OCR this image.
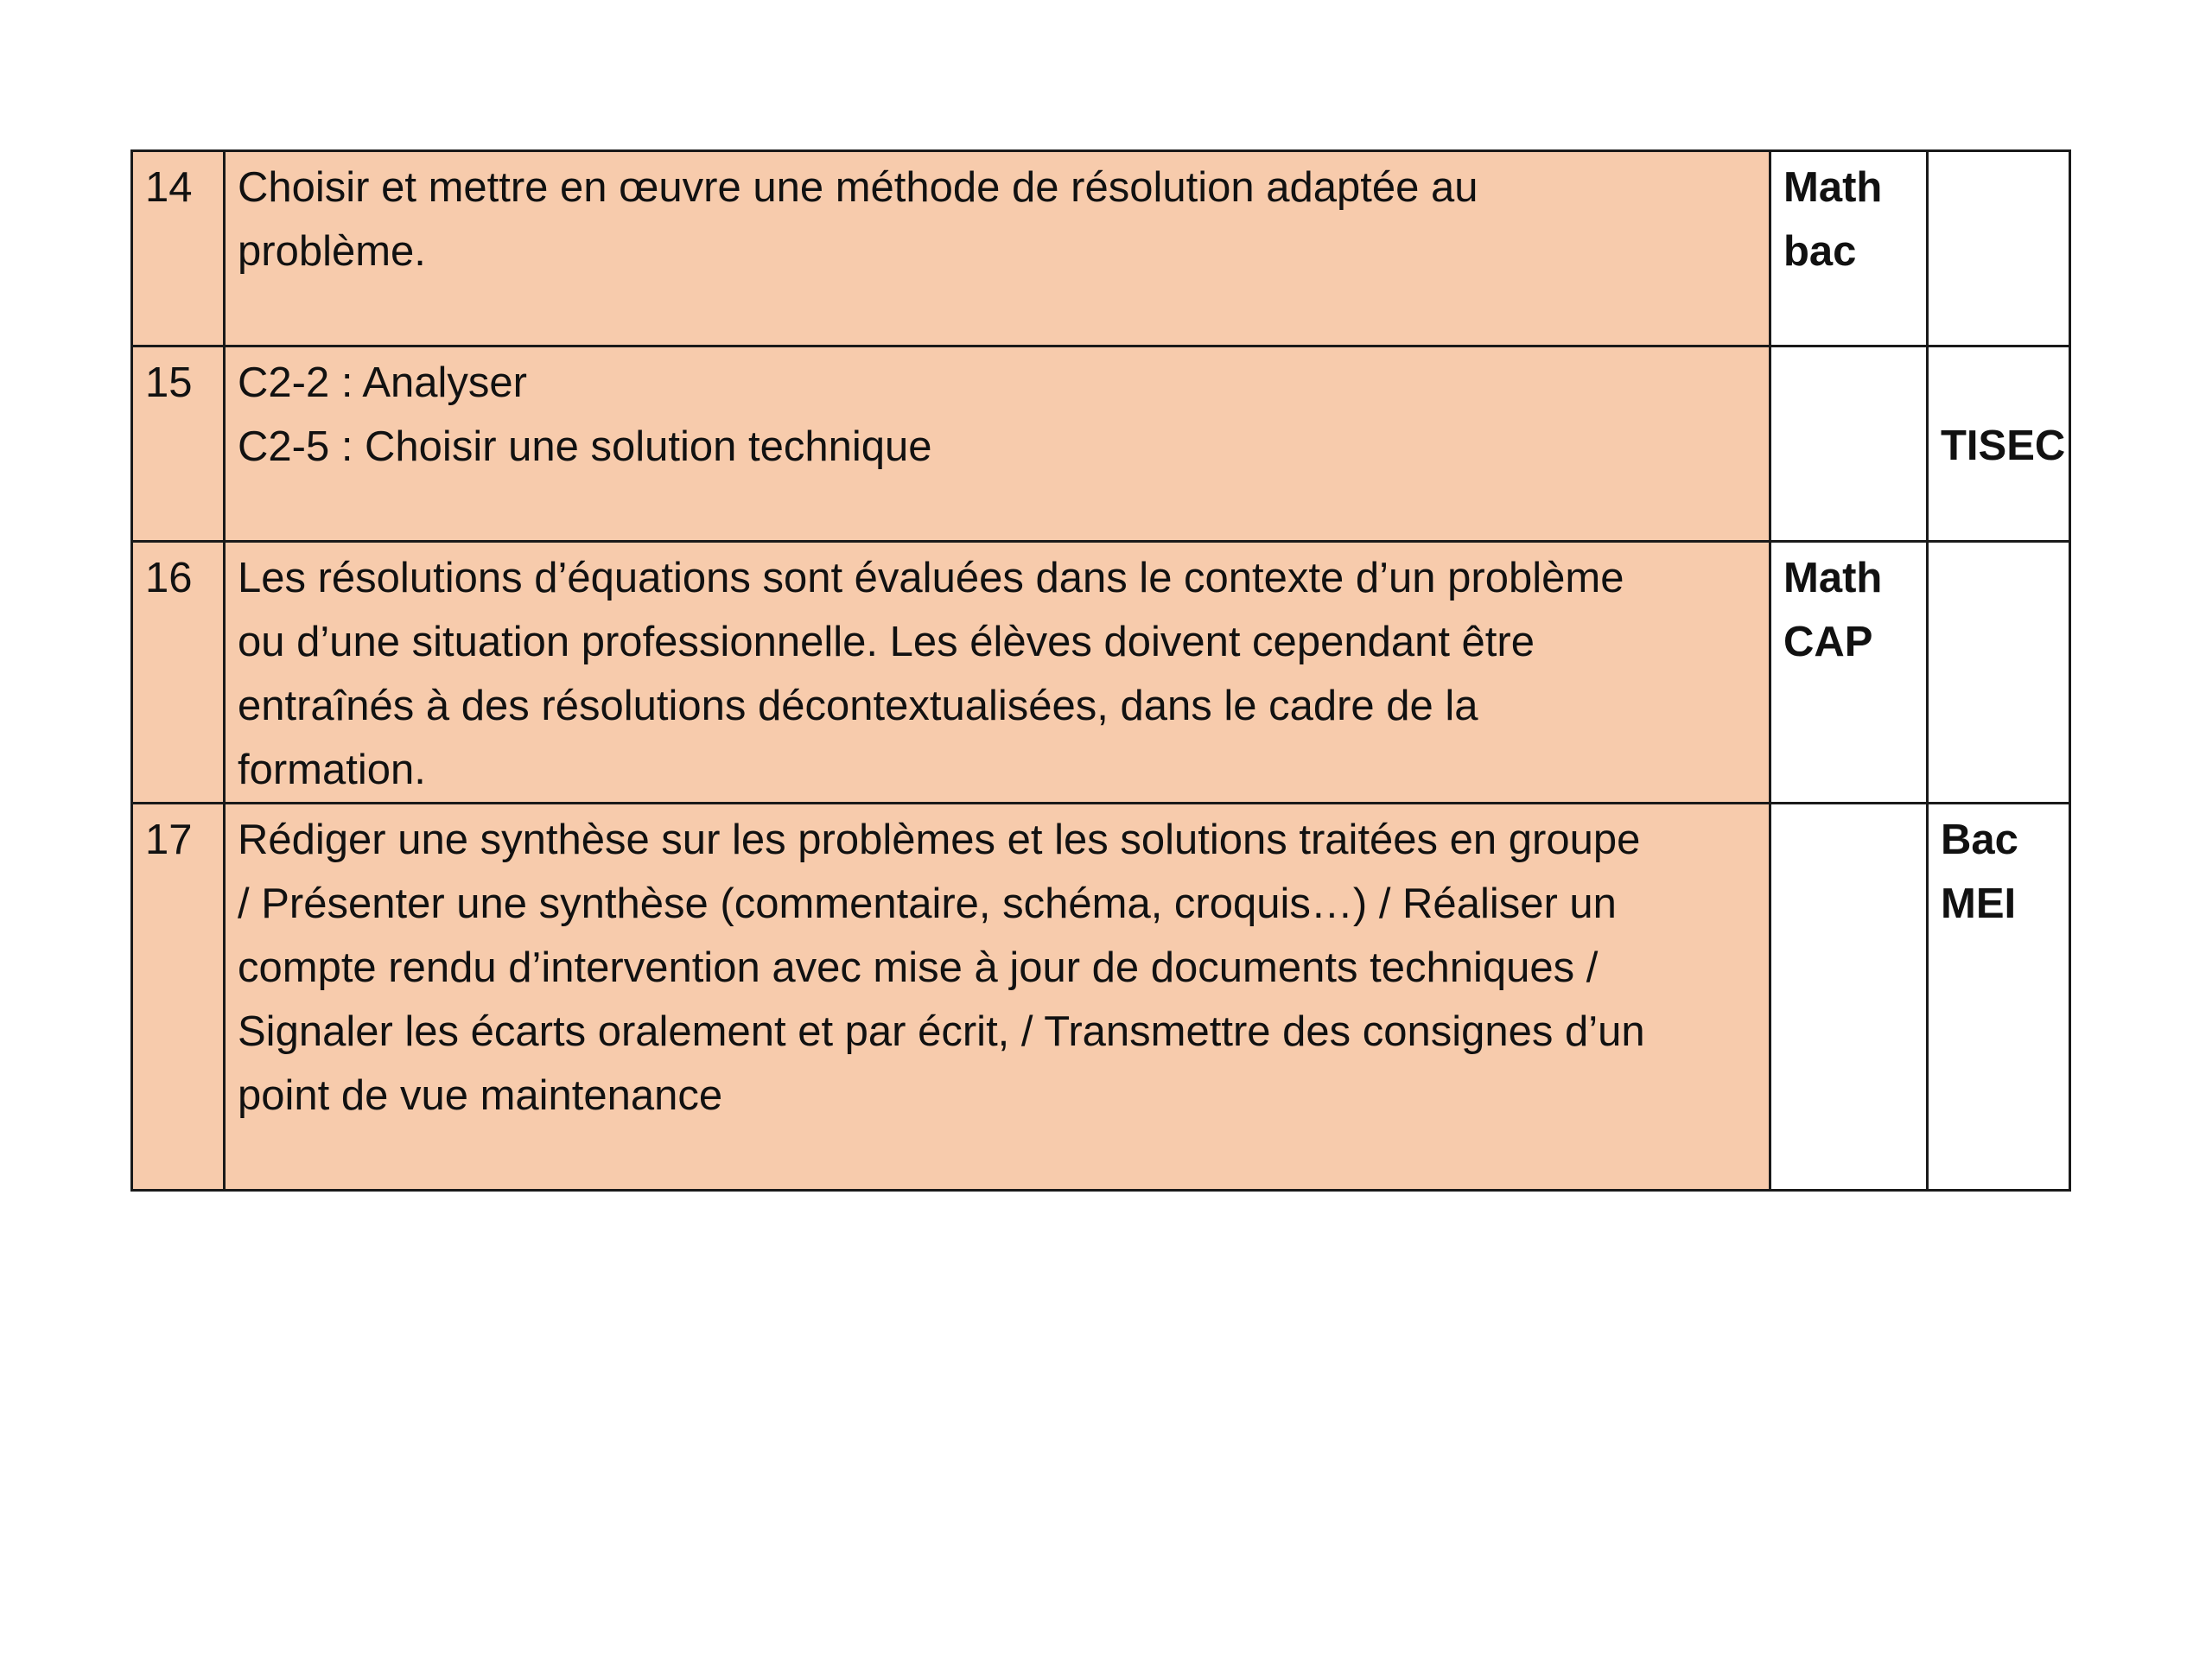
14	Choisir et mettre en œuvre une méthode de résolution adaptée au
problème.	Math
bac	

15	C2-2 : Analyser
C2-5 : Choisir une solution technique		TISEC

16	Les résolutions d’équations sont évaluées dans le contexte d’un problème
ou d’une situation professionnelle. Les élèves doivent cependant être
entraînés à des résolutions décontextualisées, dans le cadre de la
formation.	Math
CAP	

17	Rédiger une synthèse sur les problèmes et les solutions traitées en groupe
/ Présenter une synthèse (commentaire, schéma, croquis…) / Réaliser un
compte rendu d’intervention avec mise à jour de documents techniques /
Signaler les écarts oralement et par écrit, / Transmettre des consignes d’un
point de vue maintenance		Bac
MEI
